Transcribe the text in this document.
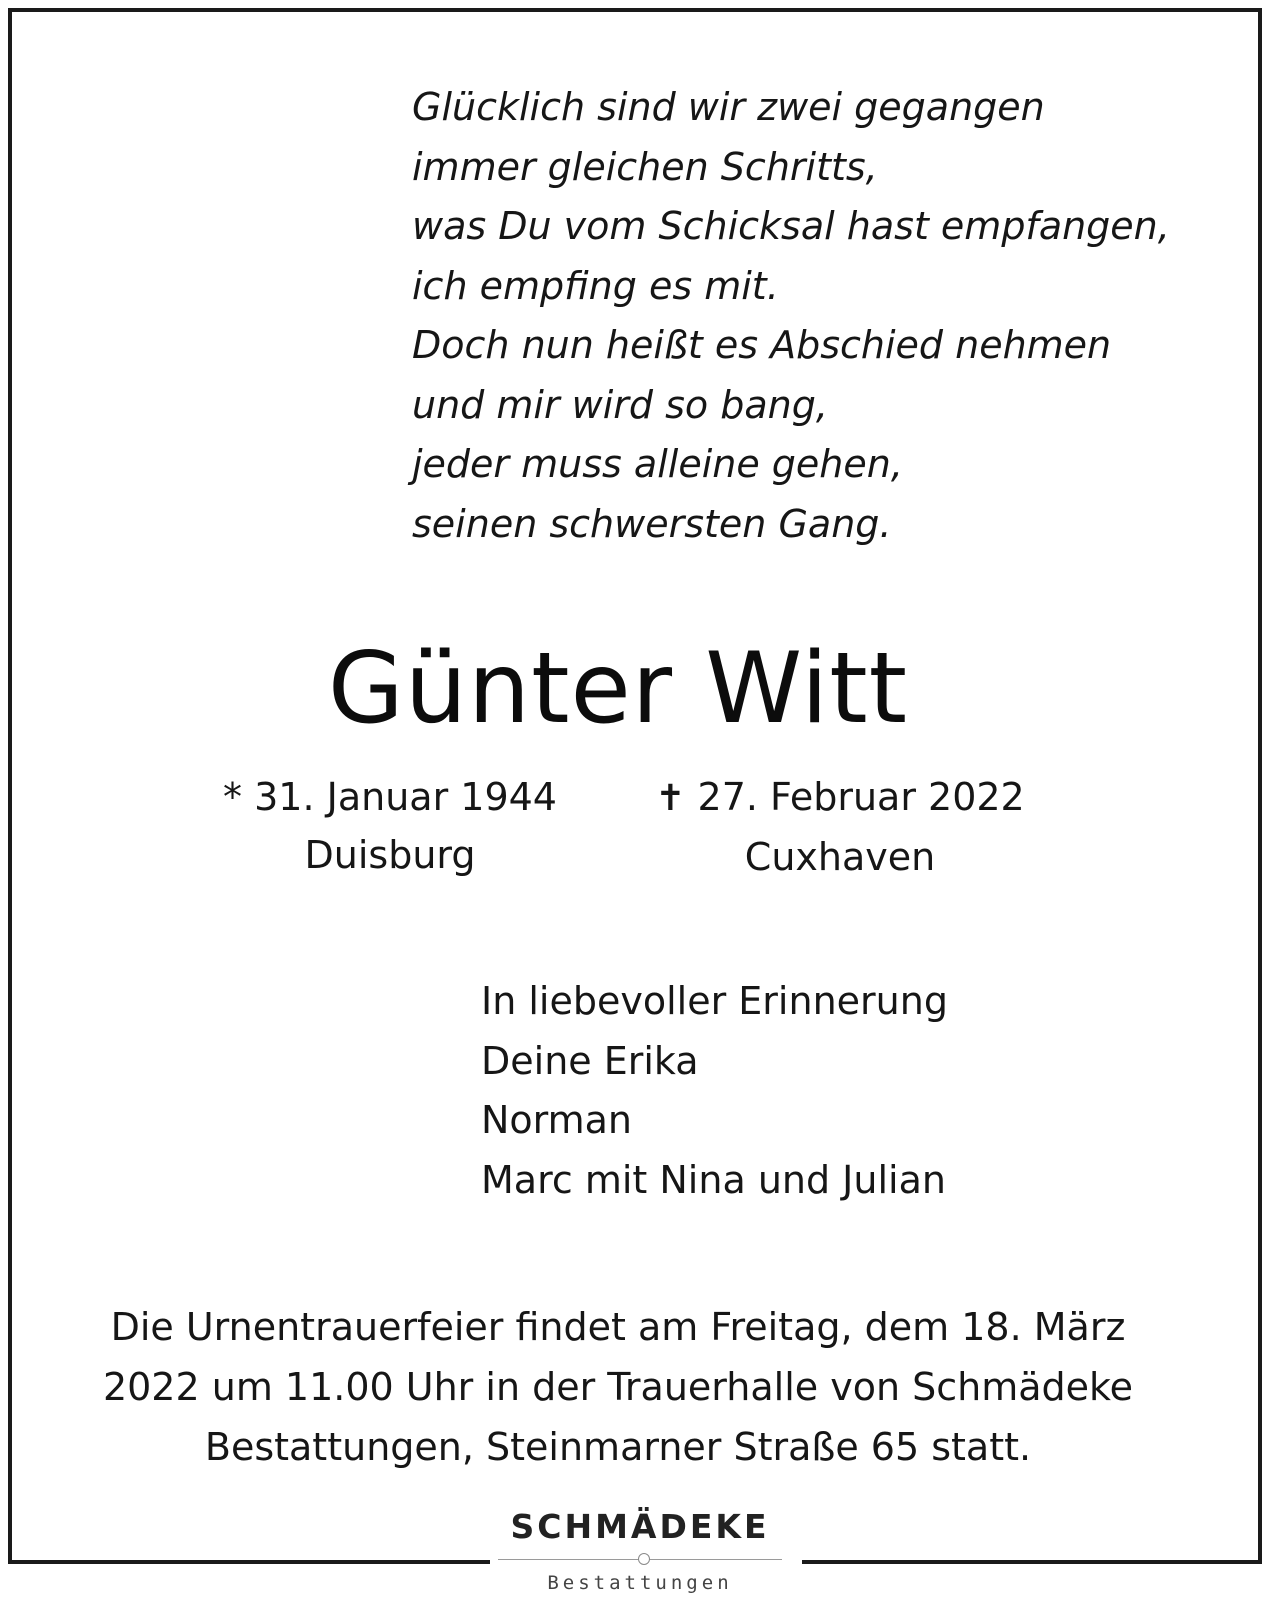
Glücklich sind wir zwei gegangen
immer gleichen Schritts,
was Du vom Schicksal hast empfangen,
ich empfing es mit.
Doch nun heißt es Abschied nehmen
und mir wird so bang,
jeder muss alleine gehen,
seinen schwersten Gang.
Günter Witt
* 31. Januar 1944
Duisburg
✝ 27. Februar 2022
Cuxhaven
In liebevoller Erinnerung
Deine Erika
Norman
Marc mit Nina und Julian
Die Urnentrauerfeier findet am Freitag, dem 18. März
2022 um 11.00 Uhr in der Trauerhalle von Schmädeke
Bestattungen, Steinmarner Straße 65 statt.
SCHMÄDEKE
Bestattungen
